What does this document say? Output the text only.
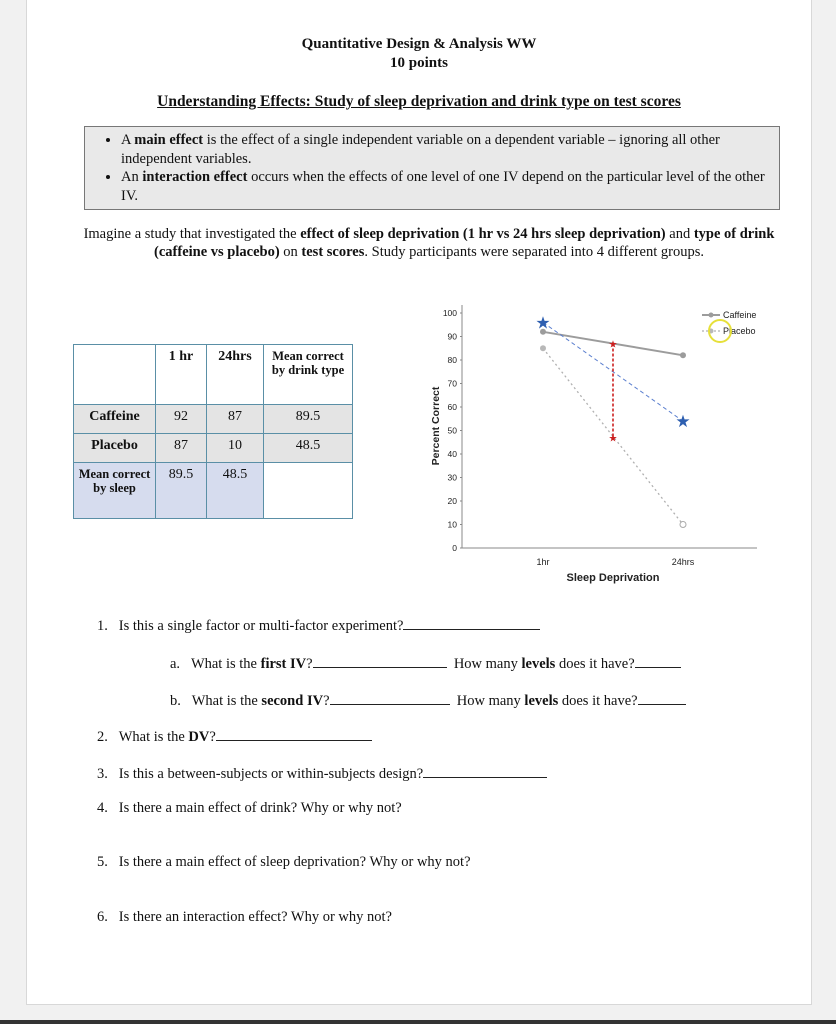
Quantitative Design & Analysis WW
10 points
Understanding Effects: Study of sleep deprivation and drink type on test scores
• A main effect is the effect of a single independent variable on a dependent variable – ignoring all other independent variables.
• An interaction effect occurs when the effects of one level of one IV depend on the particular level of the other IV.
Imagine a study that investigated the effect of sleep deprivation (1 hr vs 24 hrs sleep deprivation) and type of drink (caffeine vs placebo) on test scores. Study participants were separated into 4 different groups.
	1 hr	24hrs	Mean correct by drink type
Caffeine	92	87	89.5
Placebo	87	10	48.5
Mean correct by sleep	89.5	48.5	
0
10
20
30
40
50
60
70
80
90
100
1hr	24hrs
Sleep Deprivation
Percent Correct
★
★
★
★
Caffeine
Placebo
1. Is this a single factor or multi-factor experiment?
a. What is the first IV?	How many levels does it have?
b. What is the second IV?	How many levels does it have?
2. What is the DV?
3. Is this a between-subjects or within-subjects design?
4. Is there a main effect of drink? Why or why not?
5. Is there a main effect of sleep deprivation? Why or why not?
6. Is there an interaction effect? Why or why not?
